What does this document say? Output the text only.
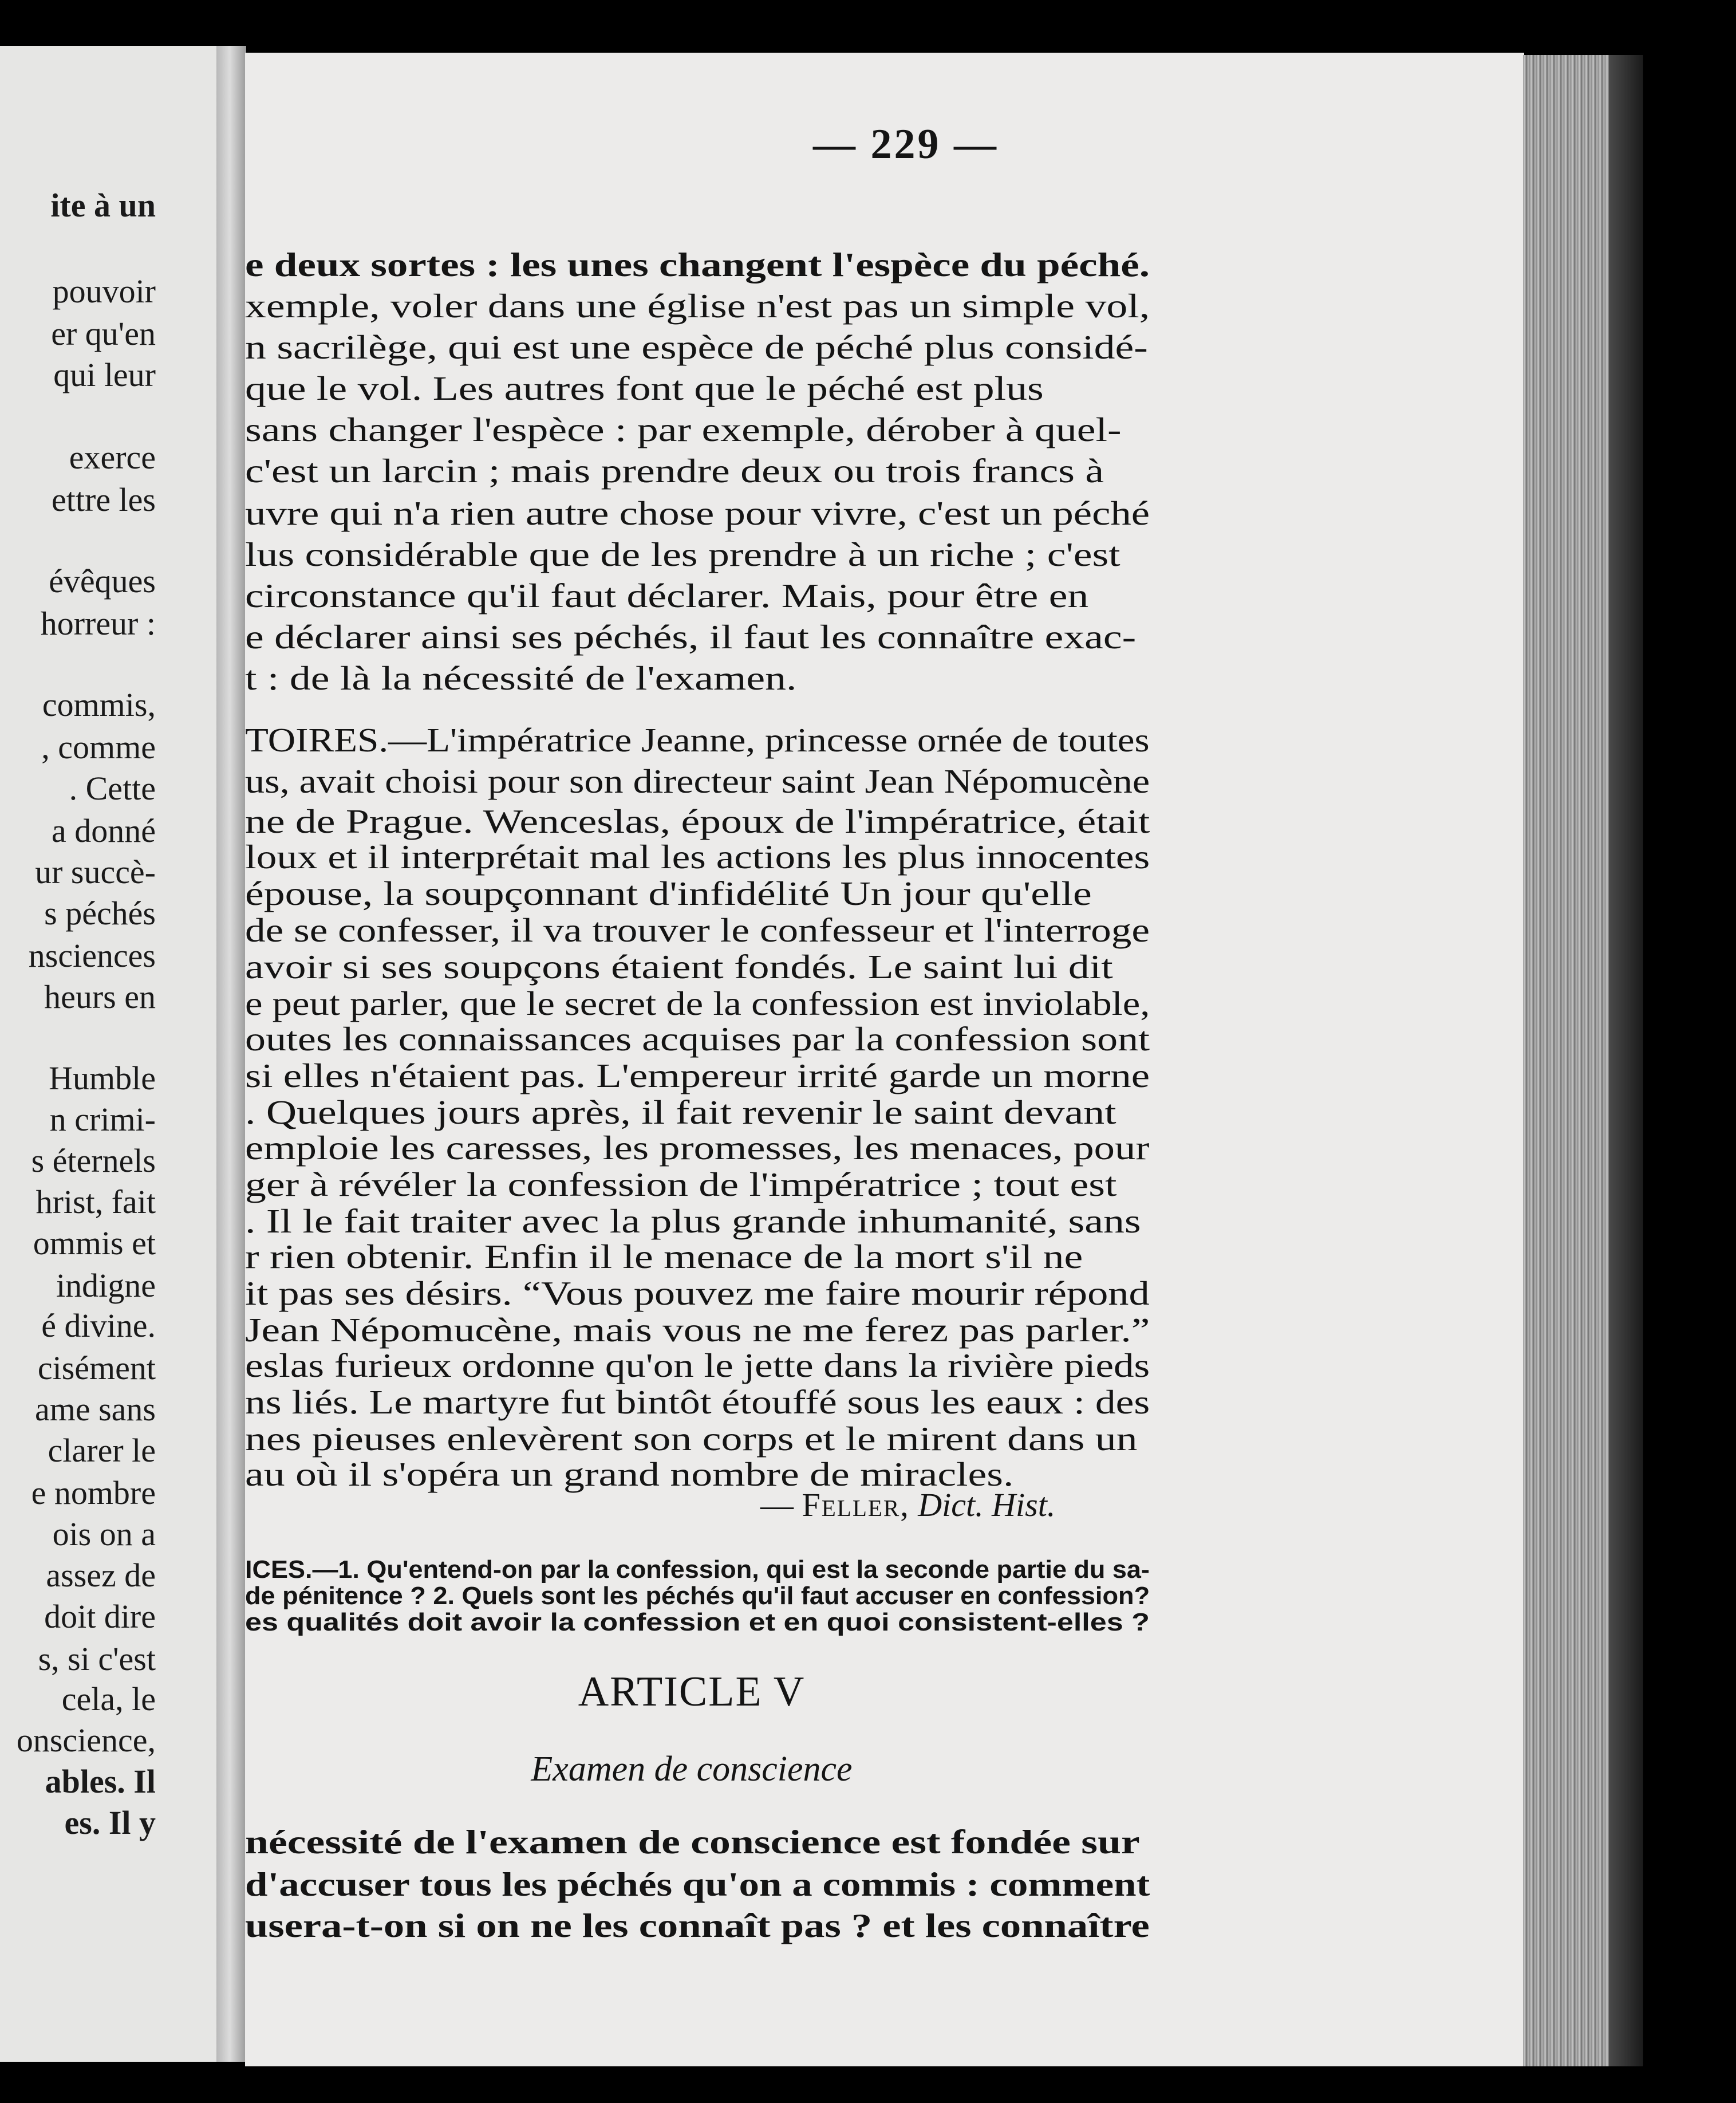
ite à un
pouvoir
er qu'en
qui leur
exerce
ettre les
évêques
horreur :
commis,
, comme
. Cette
a donné
ur succè-
s péchés
nsciences
heurs en
Humble
n crimi-
s éternels
hrist, fait
ommis et
indigne
é divine.
cisément
ame sans
clarer le
e nombre
ois on a
assez de
doit dire
s, si c'est
cela, le
onscience,
ables. Il
es. Il y
— 229 —
e deux sortes : les unes changent l'espèce du péché.
xemple, voler dans une église n'est pas un simple vol,
n sacrilège, qui est une espèce de péché plus considé-
que le vol. Les autres font que le péché est plus
sans changer l'espèce : par exemple, dérober à quel-
c'est un larcin ; mais prendre deux ou trois francs à
uvre qui n'a rien autre chose pour vivre, c'est un péché
lus considérable que de les prendre à un riche ; c'est
circonstance qu'il faut déclarer. Mais, pour être en
e déclarer ainsi ses péchés, il faut les connaître exac-
t : de là la nécessité de l'examen.
TOIRES.—L'impératrice Jeanne, princesse ornée de toutes
us, avait choisi pour son directeur saint Jean Népomucène
ne de Prague. Wenceslas, époux de l'impératrice, était
loux et il interprétait mal les actions les plus innocentes
épouse, la soupçonnant d'infidélité Un jour qu'elle
de se confesser, il va trouver le confesseur et l'interroge
avoir si ses soupçons étaient fondés. Le saint lui dit
e peut parler, que le secret de la confession est inviolable,
outes les connaissances acquises par la confession sont
si elles n'étaient pas. L'empereur irrité garde un morne
. Quelques jours après, il fait revenir le saint devant
emploie les caresses, les promesses, les menaces, pour
ger à révéler la confession de l'impératrice ; tout est
. Il le fait traiter avec la plus grande inhumanité, sans
r rien obtenir. Enfin il le menace de la mort s'il ne
it pas ses désirs. “Vous pouvez me faire mourir répond
Jean Népomucène, mais vous ne me ferez pas parler.”
eslas furieux ordonne qu'on le jette dans la rivière pieds
ns liés. Le martyre fut bintôt étouffé sous les eaux : des
nes pieuses enlevèrent son corps et le mirent dans un
au où il s'opéra un grand nombre de miracles.
— Feller, Dict. Hist.
ICES.—1. Qu'entend-on par la confession, qui est la seconde partie du sa-
de pénitence ? 2. Quels sont les péchés qu'il faut accuser en confession?
es qualités doit avoir la confession et en quoi consistent-elles ?
ARTICLE V
Examen de conscience
nécessité de l'examen de conscience est fondée sur
d'accuser tous les péchés qu'on a commis : comment
usera-t-on si on ne les connaît pas ? et les connaître
